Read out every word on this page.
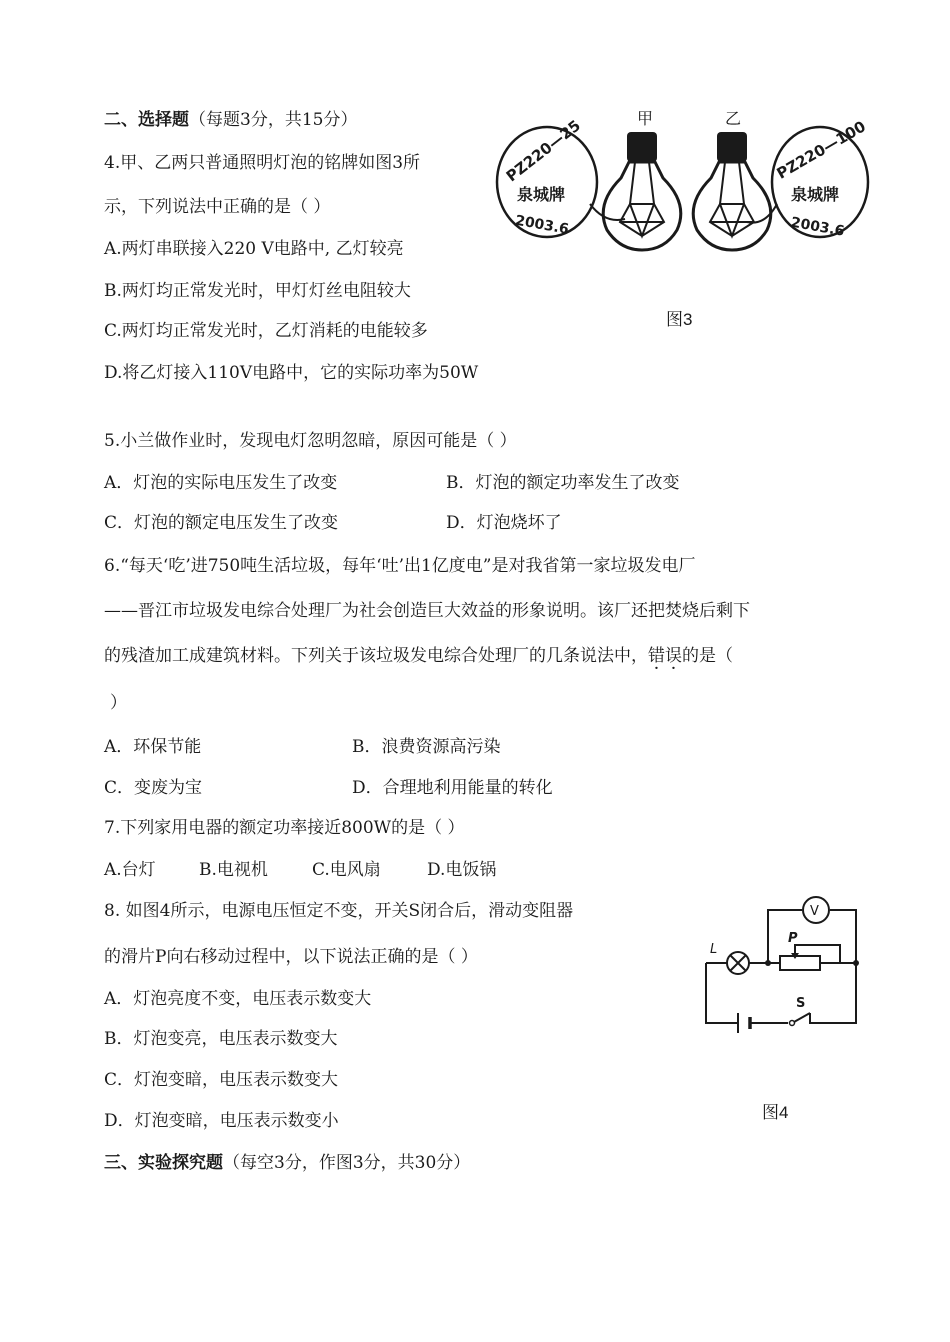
二、选择题（每题3分，共15分）
4.甲、乙两只普通照明灯泡的铭牌如图3所
示，下列说法中正确的是（ ）
A.两灯串联接入220 V电路中, 乙灯较亮
B.两灯均正常发光时，甲灯灯丝电阻较大
C.两灯均正常发光时，乙灯消耗的电能较多
D.将乙灯接入110V电路中，它的实际功率为50W
PZ220—25
泉城牌
2003.6
甲	乙 PZ220—100
泉城牌
2003.6
图3
5.小兰做作业时，发现电灯忽明忽暗，原因可能是（ ）
A．灯泡的实际电压发生了改变	B．灯泡的额定功率发生了改变
C．灯泡的额定电压发生了改变	D．灯泡烧坏了
6.“每天‘吃’进750吨生活垃圾，每年‘吐’出1亿度电”是对我省第一家垃圾发电厂
——晋江市垃圾发电综合处理厂为社会创造巨大效益的形象说明。该厂还把焚烧后剩下
的残渣加工成建筑材料。下列关于该垃圾发电综合处理厂的几条说法中，错误的是（
）
A．环保节能	B．浪费资源高污染
C．变废为宝	D．合理地利用能量的转化
7.下列家用电器的额定功率接近800W的是（ ）
A.台灯	B.电视机	C.电风扇	D.电饭锅
8. 如图4所示，电源电压恒定不变，开关S闭合后，滑动变阻器
的滑片P向右移动过程中，以下说法正确的是（ ）
A．灯泡亮度不变，电压表示数变大
B．灯泡变亮，电压表示数变大
C．灯泡变暗，电压表示数变大
D．灯泡变暗，电压表示数变小
L
P
V
S
图4
三、实验探究题（每空3分，作图3分，共30分）
